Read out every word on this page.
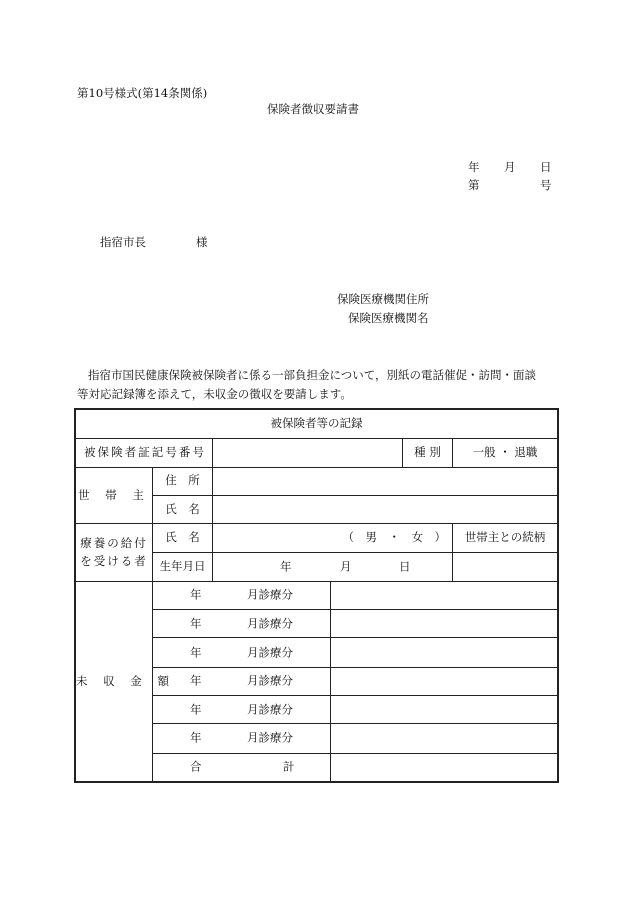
第10号様式(第14条関係)
保険者徴収要請書
年 月 日
第	号
指宿市長	様
保険医療機関住所
保険医療機関名
指宿市国民健康保険被保険者に係る一部負担金について，別紙の電話催促・訪問・面談
等対応記録簿を添えて，未収金の徴収を要請します。
被保険者等の記録					
被保険者証記号番号				種 別	一般 ・ 退職
世 帯 主	住　所				
	氏　名				
療養の給付
を受ける者	氏　名	（　男　・　女　）			世帯主との続柄
	生年月日	年 月 日			

未 収 金 額	年 月診療分				

	年 月診療分				

	年 月診療分				

	年 月診療分				

	年 月診療分				

	年 月診療分				

	合 計				
